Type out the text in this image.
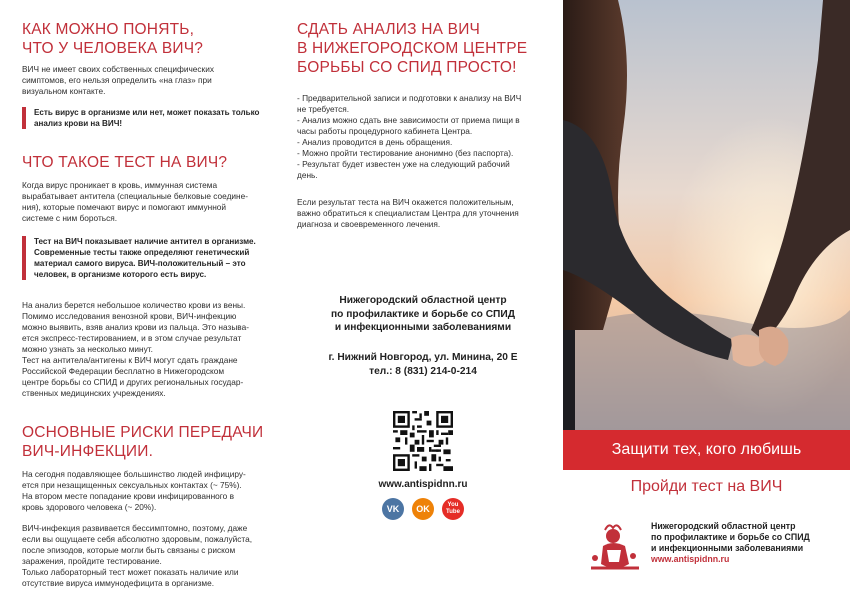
КАК МОЖНО ПОНЯТЬ,
ЧТО У ЧЕЛОВЕКА ВИЧ?

ВИЧ не имеет своих собственных специфических
симптомов, его нельзя определить «на глаз» при
визуальном контакте.

Есть вирус в организме или нет, может показать только
анализ крови на ВИЧ!
ЧТО ТАКОЕ ТЕСТ НА ВИЧ?

Когда вирус проникает в кровь, иммунная система
вырабатывает антитела (специальные белковые соедине-
ния), которые помечают вирус и помогают иммунной
системе с ним бороться.

Тест на ВИЧ показывает наличие антител в организме.
Современные тесты также определяют генетический
материал самого вируса. ВИЧ-положительный – это
человек, в организме которого есть вирус.

На анализ берется небольшое количество крови из вены.
Помимо исследования венозной крови, ВИЧ-инфекцию
можно выявить, взяв анализ крови из пальца. Это называ-
ется экспресс-тестированием, и в этом случае результат
можно узнать за несколько минут.
Тест на антитела/антигены к ВИЧ могут сдать граждане
Российской Федерации бесплатно в Нижегородском
центре борьбы со СПИД и других региональных государ-
ственных медицинских учреждениях.

ОСНОВНЫЕ РИСКИ ПЕРЕДАЧИ
ВИЧ-ИНФЕКЦИИ.

На сегодня подавляющее большинство людей инфициру-
ется при незащищенных сексуальных контактах (~ 75%).
На втором месте попадание крови инфицированного в
кровь здорового человека (~ 20%).

ВИЧ-инфекция развивается бессимптомно, поэтому, даже
если вы ощущаете себя абсолютно здоровым, пожалуйста,
после эпизодов, которые могли быть связаны с риском
заражения, пройдите тестирование.
Только лабораторный тест может показать наличие или
отсутствие вируса иммунодефицита в организме.

СДАТЬ АНАЛИЗ НА ВИЧ
В НИЖЕГОРОДСКОМ ЦЕНТРЕ
БОРЬБЫ СО СПИД ПРОСТО!

- Предварительной записи и подготовки к анализу на ВИЧ
не требуется.

- Анализ можно сдать вне зависимости от приема пищи в
часы работы процедурного кабинета Центра.

- Анализ проводится в день обращения.

- Можно пройти тестирование анонимно (без паспорта).

- Результат будет известен уже на следующий рабочий
день.

Если результат теста на ВИЧ окажется положительным,
важно обратиться к специалистам Центра для уточнения
диагноза и своевременного лечения.

Нижегородский областной центр
по профилактике и борьбе со СПИД
и инфекционными заболеваниями
г. Нижний Новгород, ул. Минина, 20 Е
тел.: 8 (831) 214-0-214
www.antispidnn.ru
VK	OK	You Tube
Защити тех, кого любишь
Пройди тест на ВИЧ
Нижегородский областной центр
по профилактике и борьбе со СПИД
и инфекционными заболеваниями
www.antispidnn.ru
